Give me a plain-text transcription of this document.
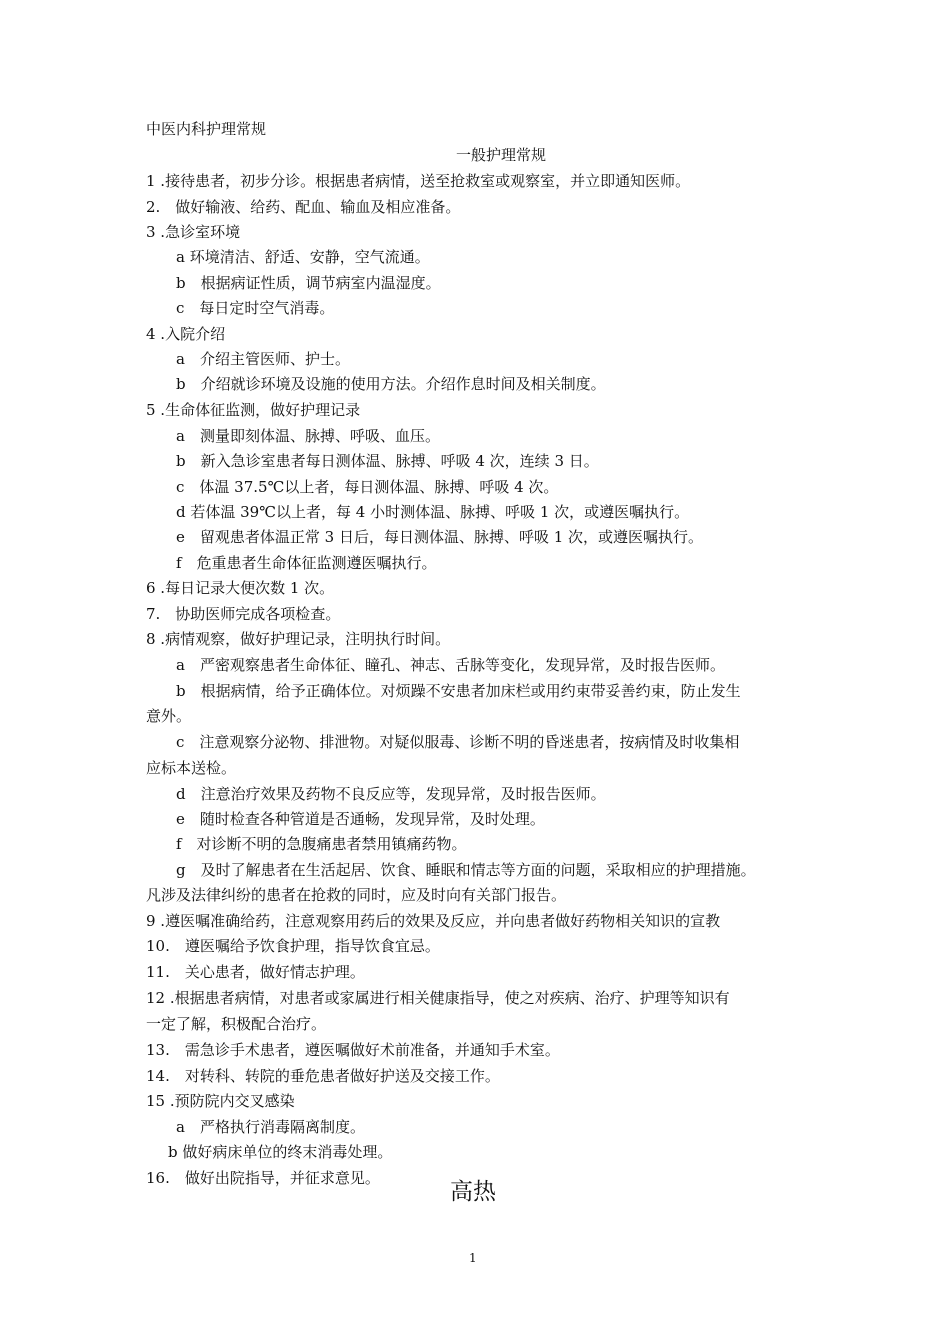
中医内科护理常规
一般护理常规
1 .接待患者，初步分诊。根据患者病情，送至抢救室或观察室，并立即通知医师。
2.　做好输液、给药、配血、输血及相应准备。
3 .急诊室环境
a 环境清洁、舒适、安静，空气流通。
b　根据病证性质，调节病室内温湿度。
c　每日定时空气消毒。
4 .入院介绍
a　介绍主管医师、护士。
b　介绍就诊环境及设施的使用方法。介绍作息时间及相关制度。
5 .生命体征监测，做好护理记录
a　测量即刻体温、脉搏、呼吸、血压。
b　新入急诊室患者每日测体温、脉搏、呼吸 4 次，连续 3 日。
c　体温 37.5℃以上者，每日测体温、脉搏、呼吸 4 次。
d 若体温 39℃以上者，每 4 小时测体温、脉搏、呼吸 1 次，或遵医嘱执行。
e　留观患者体温正常 3 日后，每日测体温、脉搏、呼吸 1 次，或遵医嘱执行。
f　危重患者生命体征监测遵医嘱执行。
6 .每日记录大便次数 1 次。
7.　协助医师完成各项检查。
8 .病情观察，做好护理记录，注明执行时间。
a　严密观察患者生命体征、瞳孔、神志、舌脉等变化，发现异常，及时报告医师。
b　根据病情，给予正确体位。对烦躁不安患者加床栏或用约束带妥善约束，防止发生
意外。
c　注意观察分泌物、排泄物。对疑似服毒、诊断不明的昏迷患者，按病情及时收集相
应标本送检。
d　注意治疗效果及药物不良反应等，发现异常，及时报告医师。
e　随时检查各种管道是否通畅，发现异常，及时处理。
f　对诊断不明的急腹痛患者禁用镇痛药物。
g　及时了解患者在生活起居、饮食、睡眠和情志等方面的问题，采取相应的护理措施。
凡涉及法律纠纷的患者在抢救的同时，应及时向有关部门报告。
9 .遵医嘱准确给药，注意观察用药后的效果及反应，并向患者做好药物相关知识的宣教
10.　遵医嘱给予饮食护理，指导饮食宜忌。
11.　关心患者，做好情志护理。
12 .根据患者病情，对患者或家属进行相关健康指导，使之对疾病、治疗、护理等知识有
一定了解，积极配合治疗。
13.　需急诊手术患者，遵医嘱做好术前准备，并通知手术室。
14.　对转科、转院的垂危患者做好护送及交接工作。
15 .预防院内交叉感染
a　严格执行消毒隔离制度。
b 做好病床单位的终末消毒处理。
16.　做好出院指导，并征求意见。
高热
1
